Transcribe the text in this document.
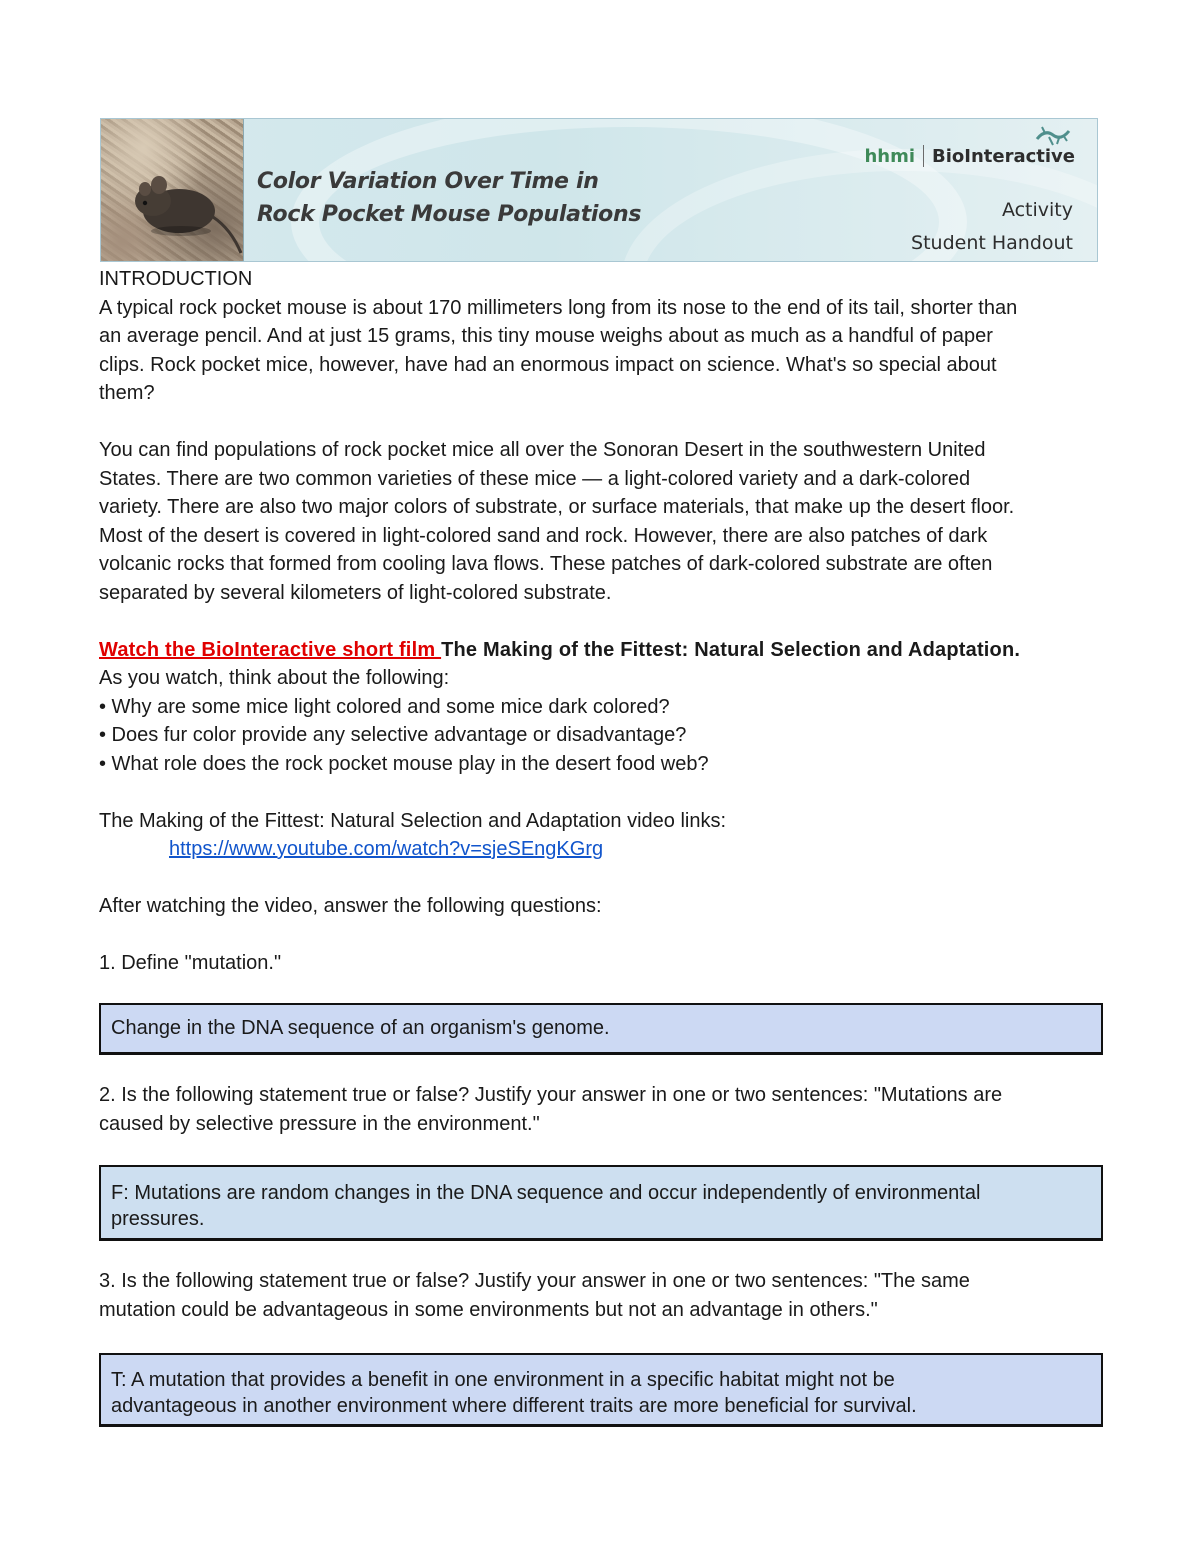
Color Variation Over Time in
Rock Pocket Mouse Populations
hhmi BioInteractive

Activity

Student Handout

INTRODUCTION

A typical rock pocket mouse is about 170 millimeters long from its nose to the end of its tail, shorter than

an average pencil. And at just 15 grams, this tiny mouse weighs about as much as a handful of paper

clips. Rock pocket mice, however, have had an enormous impact on science. What's so special about

them?

You can find populations of rock pocket mice all over the Sonoran Desert in the southwestern United

States. There are two common varieties of these mice — a light-colored variety and a dark-colored

variety. There are also two major colors of substrate, or surface materials, that make up the desert floor.

Most of the desert is covered in light-colored sand and rock. However, there are also patches of dark

volcanic rocks that formed from cooling lava flows. These patches of dark-colored substrate are often

separated by several kilometers of light-colored substrate.

Watch the BioInteractive short film The Making of the Fittest: Natural Selection and Adaptation.

As you watch, think about the following:

• Why are some mice light colored and some mice dark colored?

• Does fur color provide any selective advantage or disadvantage?

• What role does the rock pocket mouse play in the desert food web?

The Making of the Fittest: Natural Selection and Adaptation video links:

https://www.youtube.com/watch?v=sjeSEngKGrg

After watching the video, answer the following questions:

1. Define "mutation."

Change in the DNA sequence of an organism's genome.

2. Is the following statement true or false? Justify your answer in one or two sentences: "Mutations are

caused by selective pressure in the environment."

F: Mutations are random changes in the DNA sequence and occur independently of environmental
pressures.

3. Is the following statement true or false? Justify your answer in one or two sentences: "The same

mutation could be advantageous in some environments but not an advantage in others."

T: A mutation that provides a benefit in one environment in a specific habitat might not be
advantageous in another environment where different traits are more beneficial for survival.
